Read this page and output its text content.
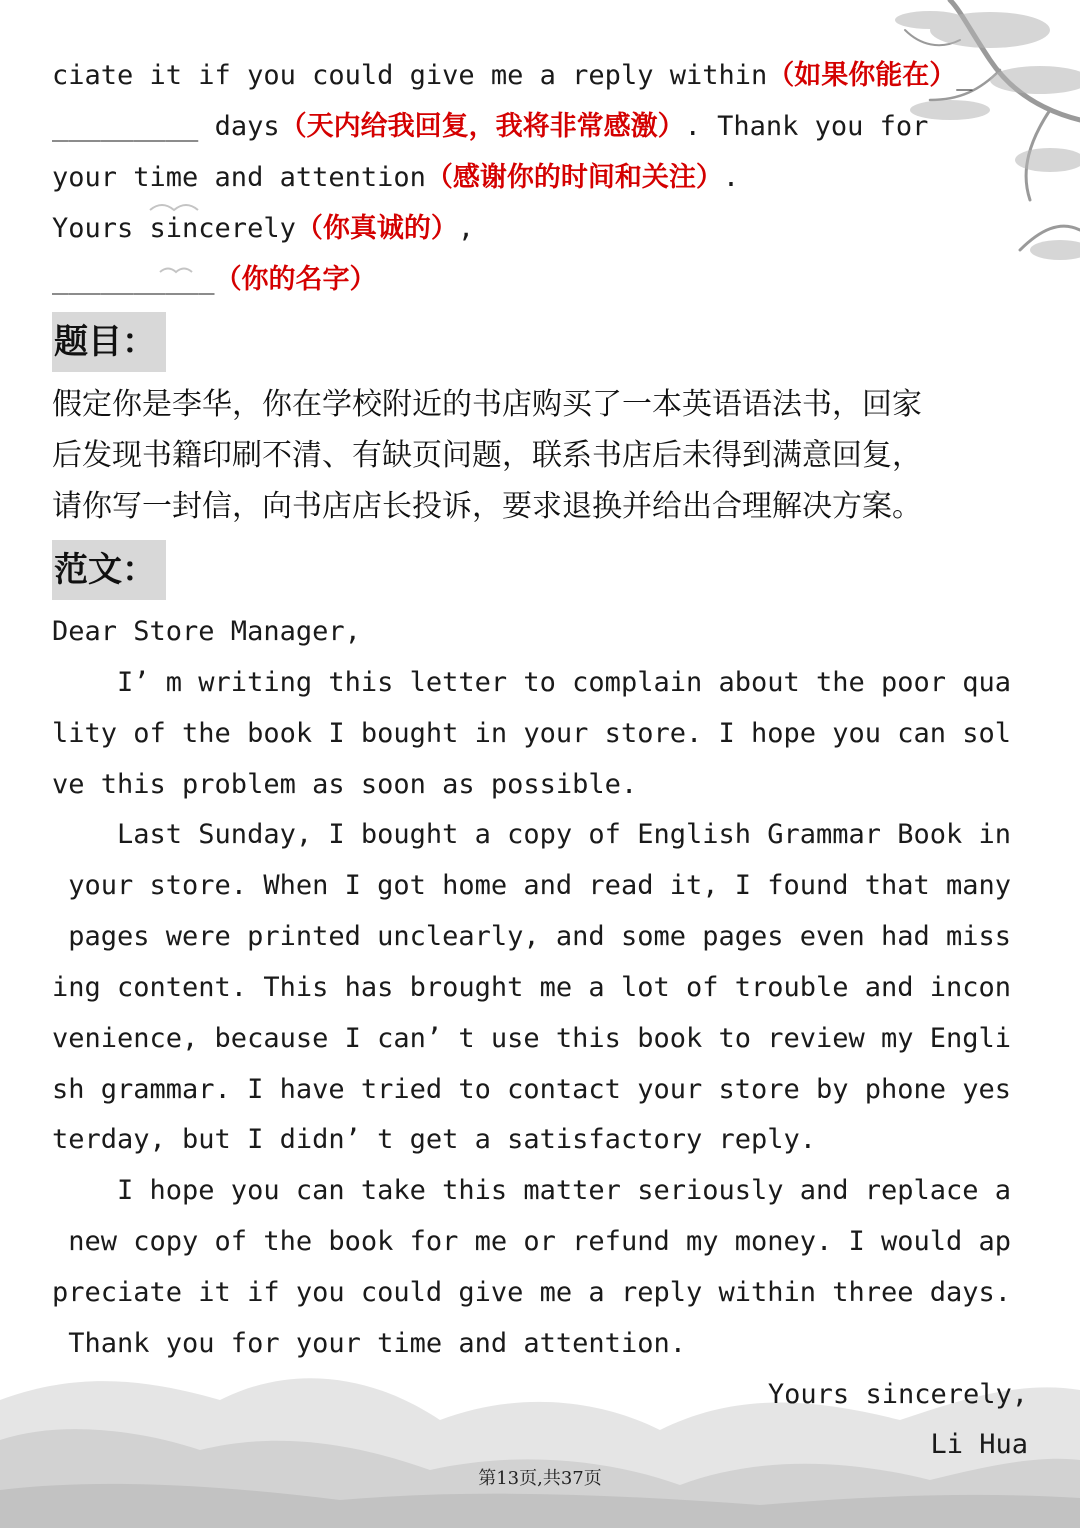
ciate it if you could give me a reply within（如果你能在）_
_________ days（天内给我回复，我将非常感激）. Thank you for
your time and attention（感谢你的时间和关注）.
Yours sincerely（你真诚的）,
__________（你的名字）
题目：
假定你是李华，你在学校附近的书店购买了一本英语语法书，回家
后发现书籍印刷不清、有缺页问题，联系书店后未得到满意回复，
请你写一封信，向书店店长投诉，要求退换并给出合理解决方案。
范文：
Dear Store Manager,
I’ m writing this letter to complain about the poor qua
lity of the book I bought in your store. I hope you can sol
ve this problem as soon as possible.
Last Sunday, I bought a copy of English Grammar Book in
your store. When I got home and read it, I found that many
pages were printed unclearly, and some pages even had miss
ing content. This has brought me a lot of trouble and incon
venience, because I can’ t use this book to review my Engli
sh grammar. I have tried to contact your store by phone yes
terday, but I didn’ t get a satisfactory reply.
I hope you can take this matter seriously and replace a
new copy of the book for me or refund my money. I would ap
preciate it if you could give me a reply within three days.
Thank you for your time and attention.
Yours sincerely,
Li Hua
第13页,共37页
